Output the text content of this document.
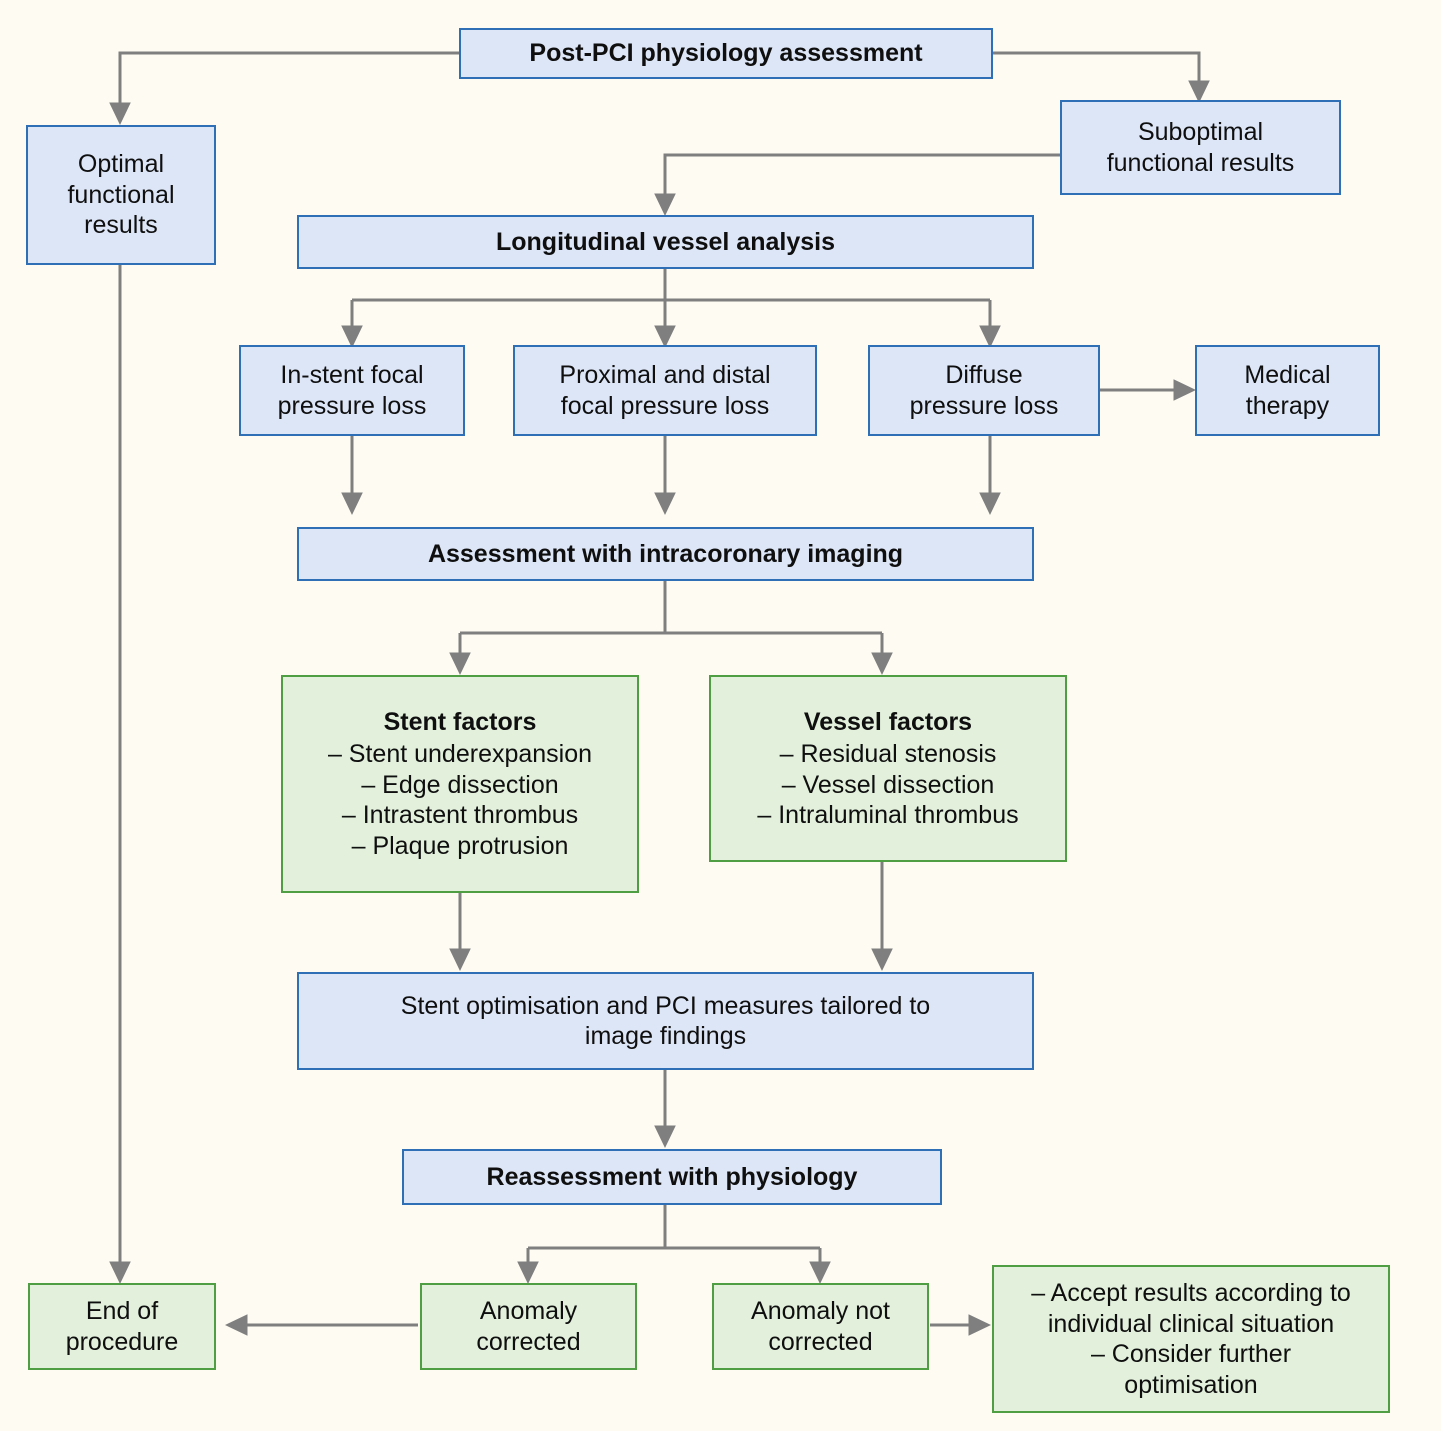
Post-PCI physiology assessment
Optimal
functional
results
Suboptimal
functional results
Longitudinal vessel analysis
In-stent focal
pressure loss
Proximal and distal
focal pressure loss
Diffuse
pressure loss
Medical
therapy
Assessment with intracoronary imaging
Stent factors
– Stent underexpansion
– Edge dissection
– Intrastent thrombus
– Plaque protrusion
Vessel factors
– Residual stenosis
– Vessel dissection
– Intraluminal thrombus
Stent optimisation and PCI measures tailored to
image findings
Reassessment with physiology
End of
procedure
Anomaly
corrected
Anomaly not
corrected
– Accept results according to
individual clinical situation
– Consider further
optimisation
